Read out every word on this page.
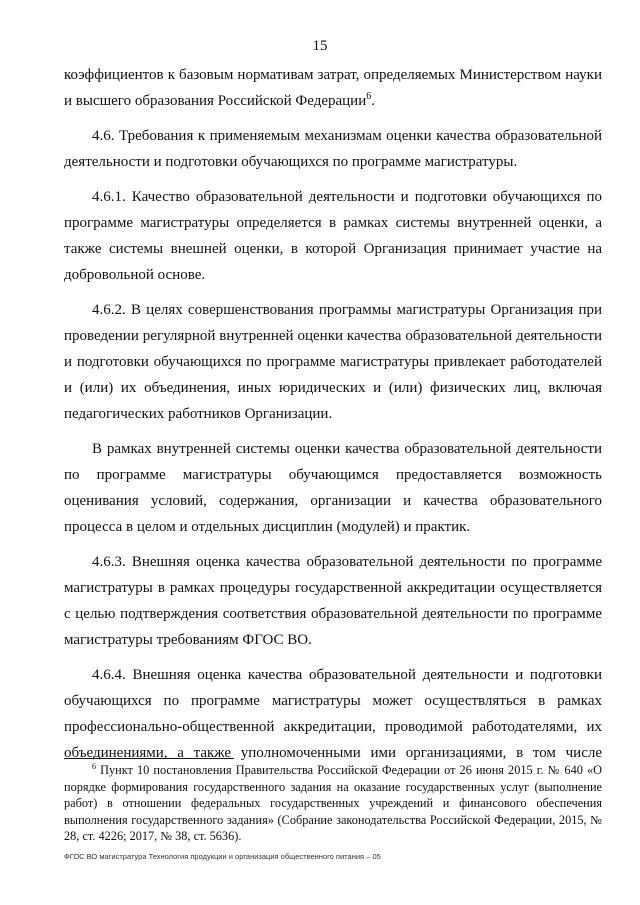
15

коэффициентов к базовым нормативам затрат, определяемых Министерством науки и высшего образования Российской Федерации$^6$.

4.6. Требования к применяемым механизмам оценки качества образовательной деятельности и подготовки обучающихся по программе магистратуры.

4.6.1. Качество образовательной деятельности и подготовки обучающихся по программе магистратуры определяется в рамках системы внутренней оценки, а также системы внешней оценки, в которой Организация принимает участие на добровольной основе.

4.6.2. В целях совершенствования программы магистратуры Организация при проведении регулярной внутренней оценки качества образовательной деятельности и подготовки обучающихся по программе магистратуры привлекает работодателей и (или) их объединения, иных юридических и (или) физических лиц, включая педагогических работников Организации.

В рамках внутренней системы оценки качества образовательной деятельности по программе магистратуры обучающимся предоставляется возможность оценивания условий, содержания, организации и качества образовательного процесса в целом и отдельных дисциплин (модулей) и практик.

4.6.3. Внешняя оценка качества образовательной деятельности по программе магистратуры в рамках процедуры государственной аккредитации осуществляется с целью подтверждения соответствия образовательной деятельности по программе магистратуры требованиям ФГОС ВО.

4.6.4. Внешняя оценка качества образовательной деятельности и подготовки обучающихся по программе магистратуры может осуществляться в рамках профессионально-общественной аккредитации, проводимой работодателями, их объединениями, а также уполномоченными ими организациями, в том числе

$^6$ Пункт 10 постановления Правительства Российской Федерации от 26 июня 2015 г. № 640 «О порядке формирования государственного задания на оказание государственных услуг (выполнение работ) в отношении федеральных государственных учреждений и финансового обеспечения выполнения государственного задания» (Собрание законодательства Российской Федерации, 2015, № 28, ст. 4226; 2017, № 38, ст. 5636).
ФГОС ВО магистратура Технология продукции и организация общественного питания – 05
